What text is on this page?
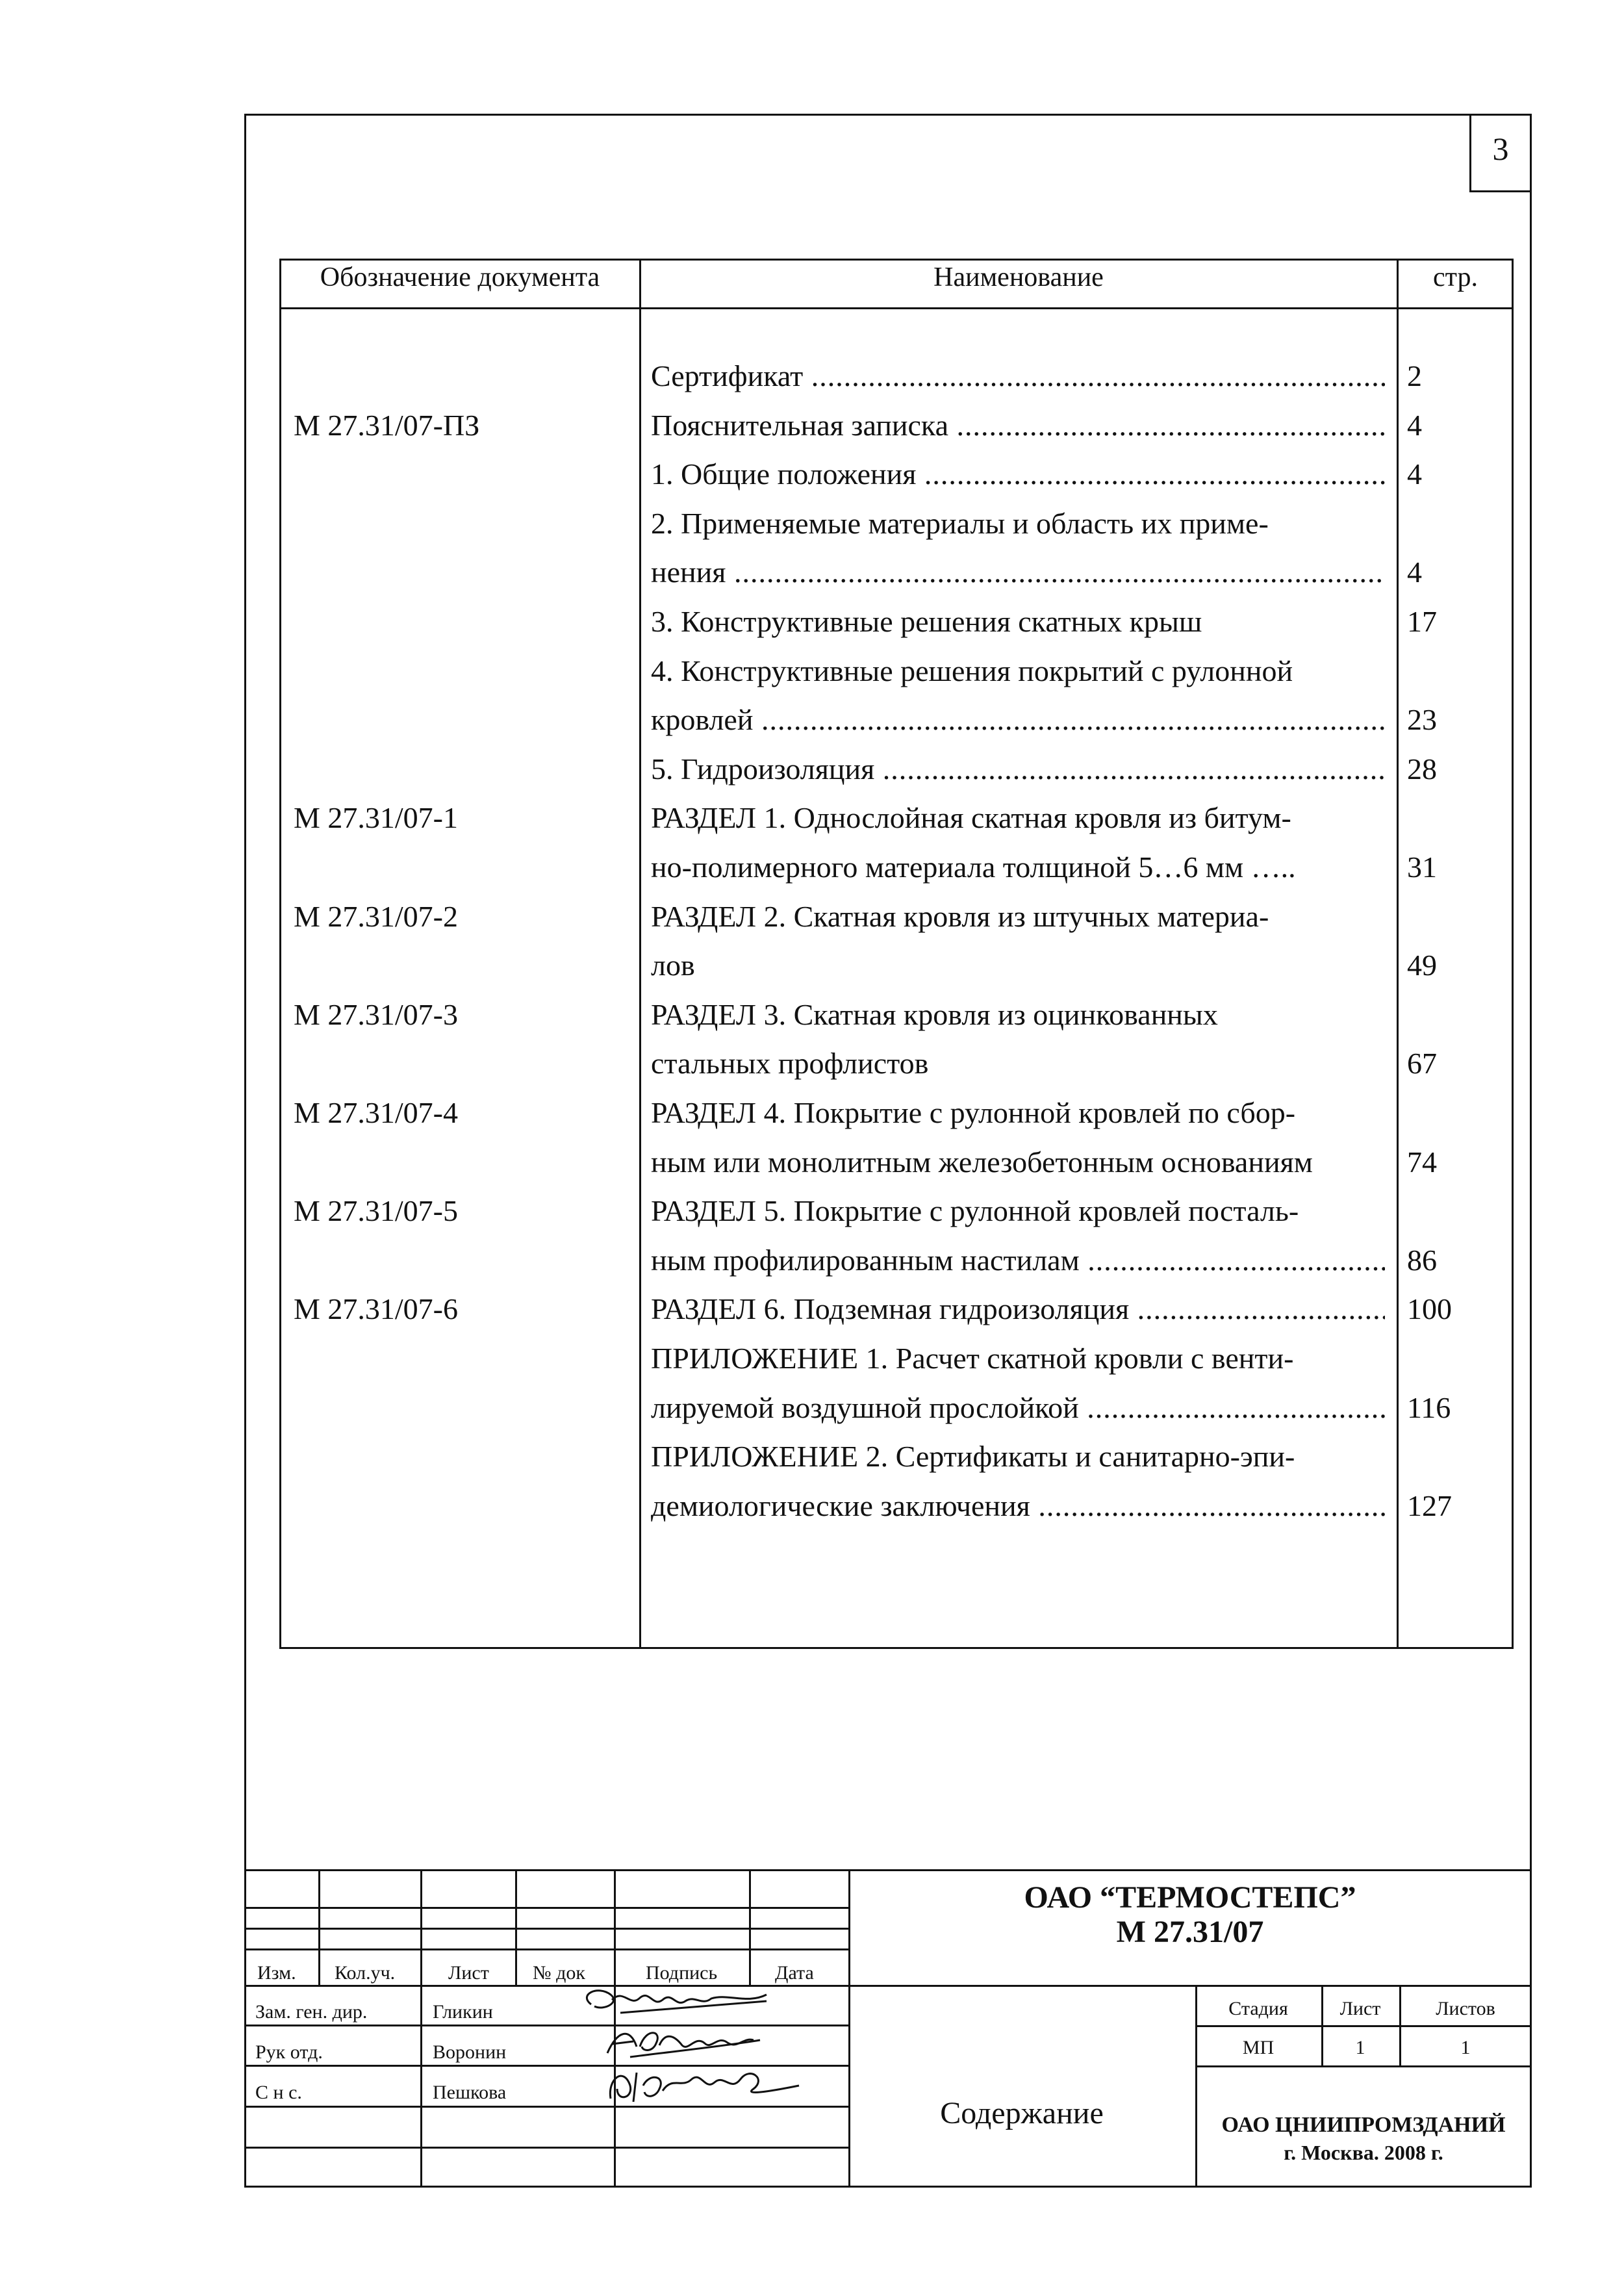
3
Обозначение документа	Наименование	стр.
Сертификат .....	2
М 27.31/07-ПЗ	Пояснительная записка .....	4
1. Общие положения .....	4
2. Применяемые материалы и область их приме-
нения .....	4
3. Конструктивные решения скатных крыш	17
4. Конструктивные решения покрытий с рулонной
кровлей .....	23
5. Гидроизоляция .....	28
М 27.31/07-1	РАЗДЕЛ 1. Однослойная скатная кровля из битум-
но-полимерного материала толщиной 5…6 мм …..	31
М 27.31/07-2	РАЗДЕЛ 2. Скатная кровля из штучных материа-
лов	49
М 27.31/07-3	РАЗДЕЛ 3. Скатная кровля из оцинкованных
стальных профлистов	67
М 27.31/07-4	РАЗДЕЛ 4. Покрытие с рулонной кровлей по сбор-
ным или монолитным железобетонным основаниям	74
М 27.31/07-5	РАЗДЕЛ 5. Покрытие с рулонной кровлей посталь-
ным профилированным настилам .....	86
М 27.31/07-6	РАЗДЕЛ 6. Подземная гидроизоляция .....	100
ПРИЛОЖЕНИЕ 1. Расчет скатной кровли с венти-
лируемой воздушной прослойкой .....	116
ПРИЛОЖЕНИЕ 2. Сертификаты и санитарно-эпи-
демиологические заключения .....	127
Изм. Кол.уч.	Лист № док	Подпись	Дата
Зам. ген. дир.	Гликин
Рук отд.	Воронин
С н с.	Пешкова
Содержание
ОАО “ТЕРМОСТЕПС”
М 27.31/07
Стадия	Лист	Листов
МП	1	1
ОАО ЦНИИПРОМЗДАНИЙ
г. Москва. 2008 г.
